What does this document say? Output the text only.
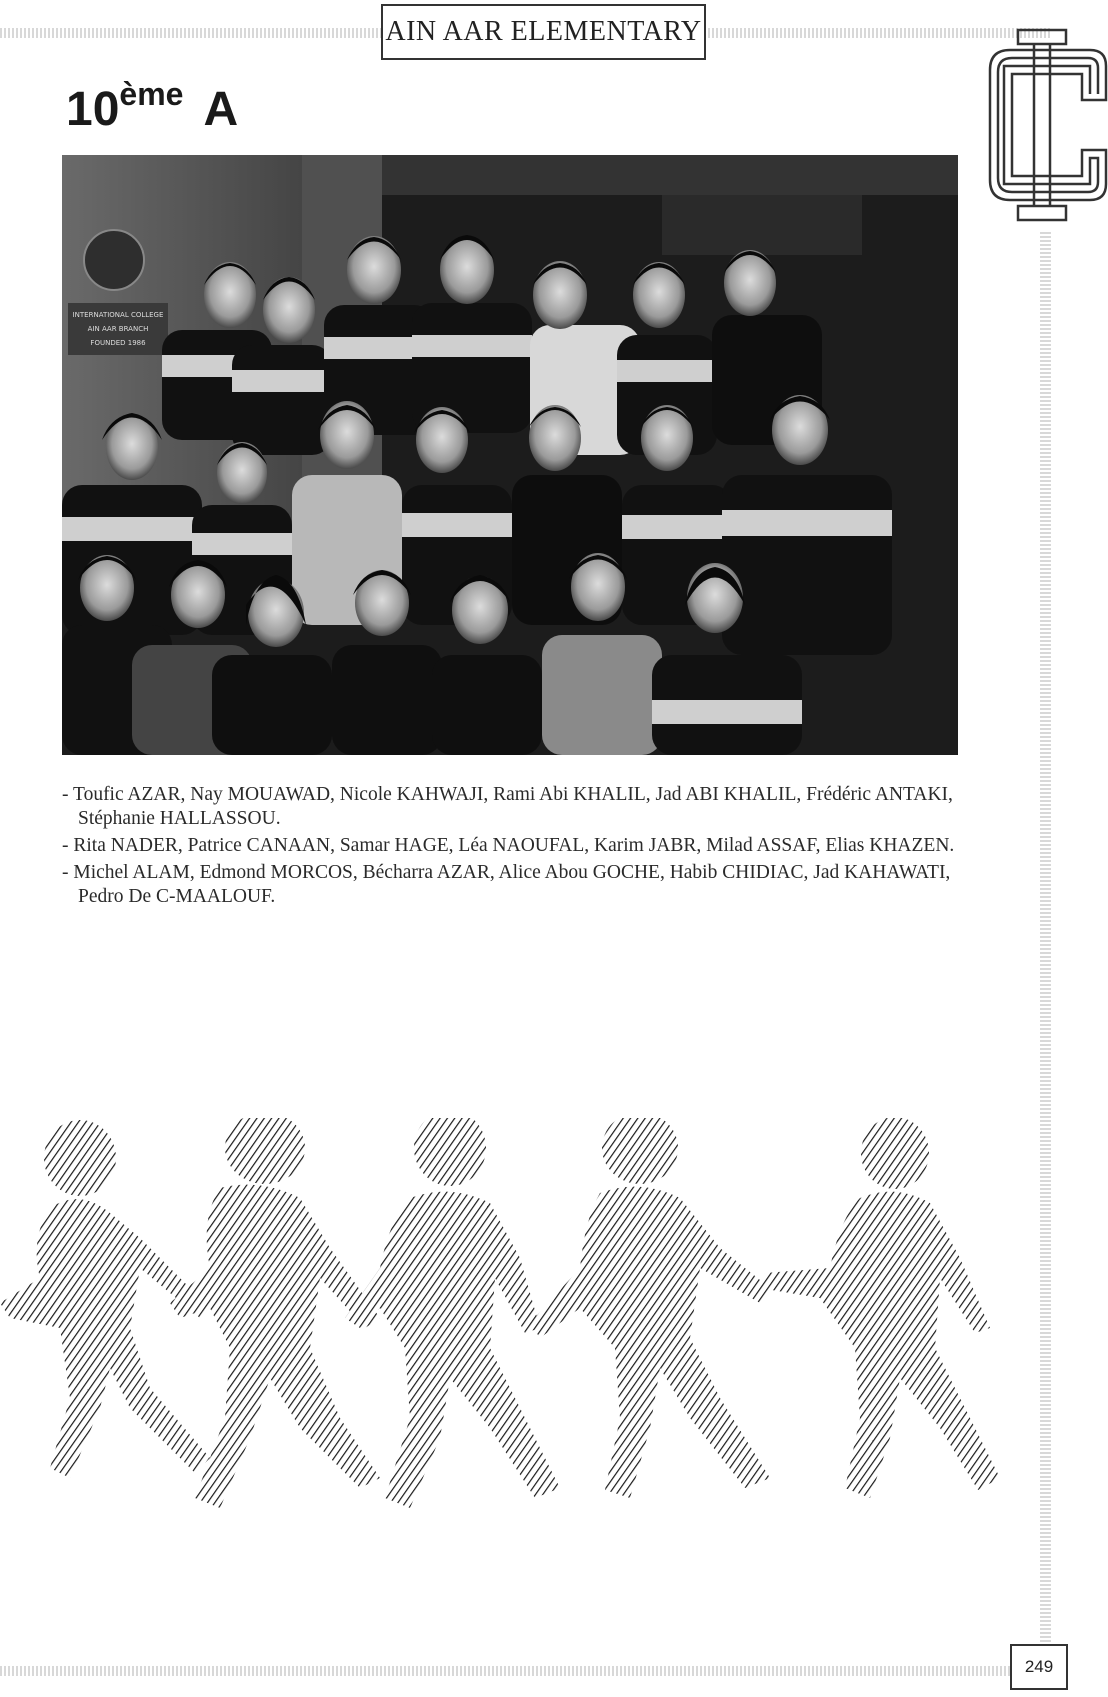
AIN AAR ELEMENTARY
10ème A
INTERNATIONAL COLLEGE
AIN AAR BRANCH
FOUNDED 1986

- Toufic AZAR, Nay MOUAWAD, Nicole KAHWAJI, Rami Abi KHALIL, Jad ABI KHALIL, Frédéric ANTAKI, Stéphanie HALLASSOU.

- Rita NADER, Patrice CANAAN, Samar HAGE, Léa NAOUFAL, Karim JABR, Milad ASSAF, Elias KHAZEN.

- Michel ALAM, Edmond MORCOS, Bécharra AZAR, Alice Abou GOCHE, Habib CHIDIAC, Jad KAHAWATI, Pedro De C-MAALOUF.

249
